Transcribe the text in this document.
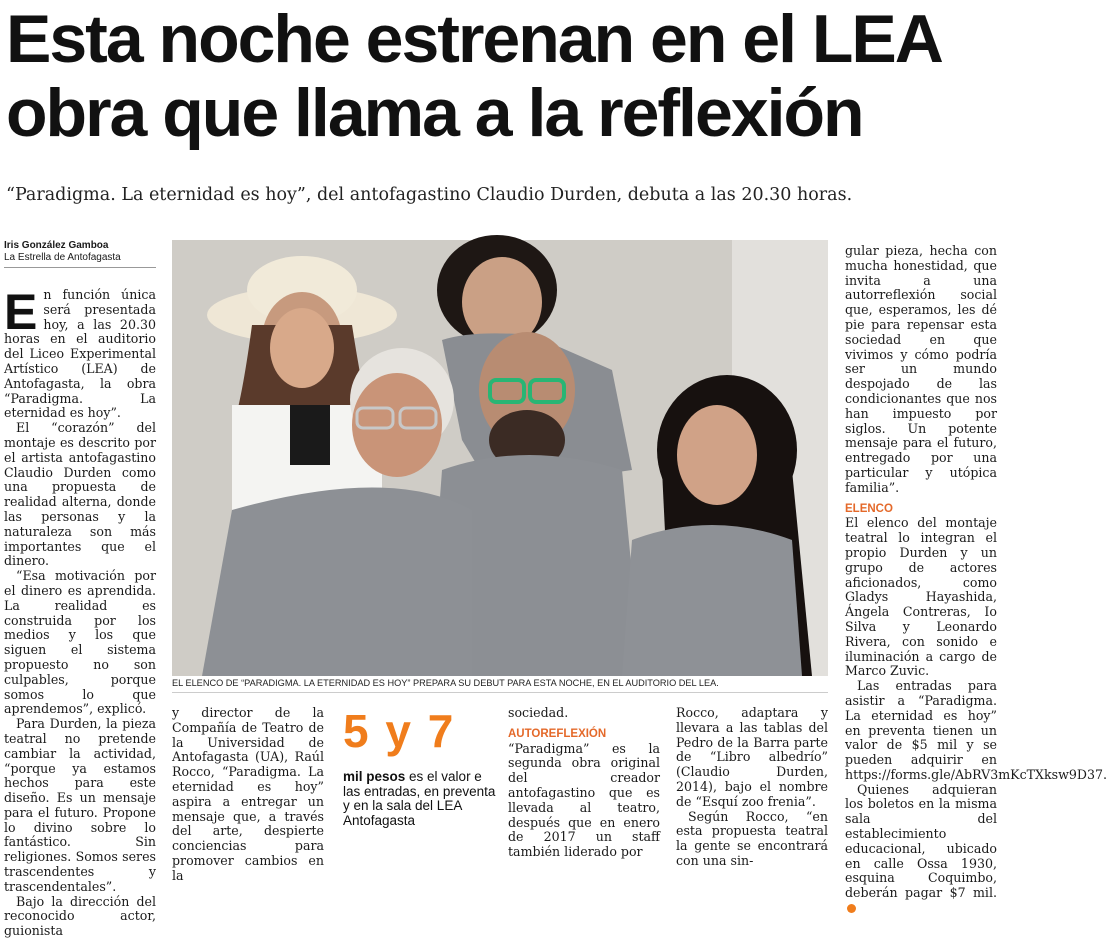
Esta noche estrenan en el LEA
obra que llama a la reflexión

“Paradigma. La eternidad es hoy”, del antofagastino Claudio Durden, debuta a las 20.30 horas.

Iris González Gamboa
La Estrella de Antofagasta

En función única será presentada hoy, a las 20.30 horas en el auditorio del Liceo Experimental Artístico (LEA) de Antofagasta, la obra “Paradigma. La eternidad es hoy”.

El “corazón” del montaje es descrito por el artista antofagastino Claudio Durden como una propuesta de realidad alterna, donde las personas y la naturaleza son más importantes que el dinero.

“Esa motivación por el dinero es aprendida. La realidad es construida por los medios y los que siguen el sistema propuesto no son culpables, porque somos lo que aprendemos”, explicó.

Para Durden, la pieza teatral no pretende cambiar la actividad, “porque ya estamos hechos para este diseño. Es un mensaje para el futuro. Propone lo divino sobre lo fantástico. Sin religiones. Somos seres trascendentes y trascendentales”.

Bajo la dirección del reconocido actor, guionista

EL ELENCO DE “PARADIGMA. LA ETERNIDAD ES HOY” PREPARA SU DEBUT PARA ESTA NOCHE, EN EL AUDITORIO DEL LEA.

y director de la Compañía de Teatro de la Universidad de Antofagasta (UA), Raúl Rocco, “Paradigma. La eternidad es hoy” aspira a entregar un mensaje que, a través del arte, despierte conciencias para promover cambios en la

5 y 7
mil pesos es el valor e las entradas, en preventa y en la sala del LEA Antofagasta

sociedad.

AUTOREFLEXIÓN

“Paradigma” es la segunda obra original del creador antofagastino que es llevada al teatro, después que en enero de 2017 un staff también liderado por

Rocco, adaptara y llevara a las tablas del Pedro de la Barra parte de “Libro albedrío” (Claudio Durden, 2014), bajo el nombre de “Esquí zoo frenia”.

Según Rocco, “en esta propuesta teatral la gente se encontrará con una sin-

gular pieza, hecha con mucha honestidad, que invita a una autorreflexión social que, esperamos, les dé pie para repensar esta sociedad en que vivimos y cómo podría ser un mundo despojado de las condicionantes que nos han impuesto por siglos. Un potente mensaje para el futuro, entregado por una particular y utópica familia”.

ELENCO

El elenco del montaje teatral lo integran el propio Durden y un grupo de actores aficionados, como Gladys Hayashida, Ángela Contreras, Io Silva y Leonardo Rivera, con sonido e iluminación a cargo de Marco Zuvic.

Las entradas para asistir a “Paradigma. La eternidad es hoy” en preventa tienen un valor de $5 mil y se pueden adquirir en https://forms.gle/AbRV3mKcTXksw9D37.

Quienes adquieran los boletos en la misma sala del establecimiento educacional, ubicado en calle Ossa 1930, esquina Coquimbo, deberán pagar $7 mil.
